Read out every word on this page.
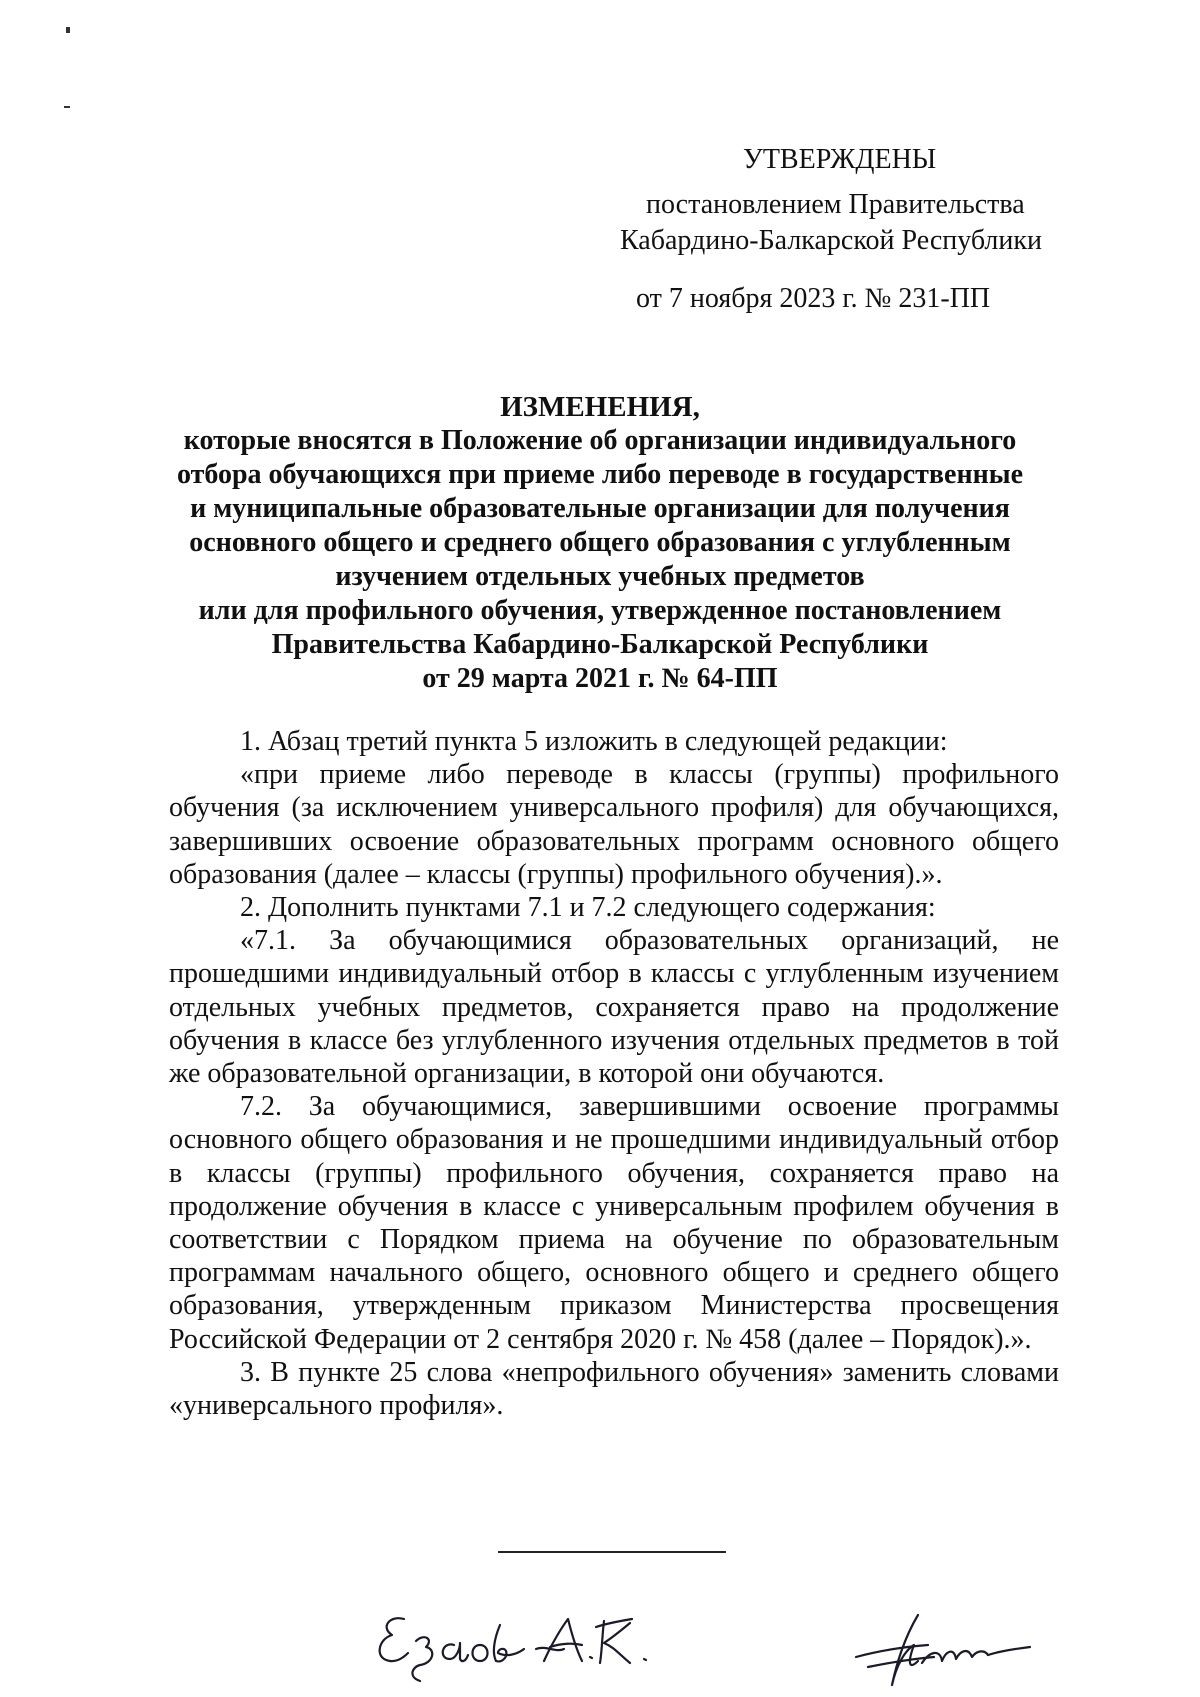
УТВЕРЖДЕНЫ
постановлением Правительства
Кабардино-Балкарской Республики
от 7 ноября 2023 г. № 231-ПП
ИЗМЕНЕНИЯ,
которые вносятся в Положение об организации индивидуального
отбора обучающихся при приеме либо переводе в государственные
и муниципальные образовательные организации для получения
основного общего и среднего общего образования с углубленным
изучением отдельных учебных предметов
или для профильного обучения, утвержденное постановлением
Правительства Кабардино-Балкарской Республики
от 29 марта 2021 г. № 64-ПП

1. Абзац третий пункта 5 изложить в следующей редакции:

«при приеме либо переводе в классы (группы) профильного обучения (за исключением универсального профиля) для обучающихся, завершивших освоение образовательных программ основного общего образования (далее – классы (группы) профильного обучения).».

2. Дополнить пунктами 7.1 и 7.2 следующего содержания:

«7.1. За обучающимися образовательных организаций, не прошедшими индивидуальный отбор в классы с углубленным изучением отдельных учебных предметов, сохраняется право на продолжение обучения в классе без углубленного изучения отдельных предметов в той же образовательной организации, в которой они обучаются.

7.2. За обучающимися, завершившими освоение программы основного общего образования и не прошедшими индивидуальный отбор в классы (группы) профильного обучения, сохраняется право на продолжение обучения в классе с универсальным профилем обучения в соответствии с Порядком приема на обучение по образовательным программам начального общего, основного общего и среднего общего образования, утвержденным приказом Министерства просвещения Российской Федерации от 2 сентября 2020 г. № 458 (далее – Порядок).».

3. В пункте 25 слова «непрофильного обучения» заменить словами «универсального профиля».
